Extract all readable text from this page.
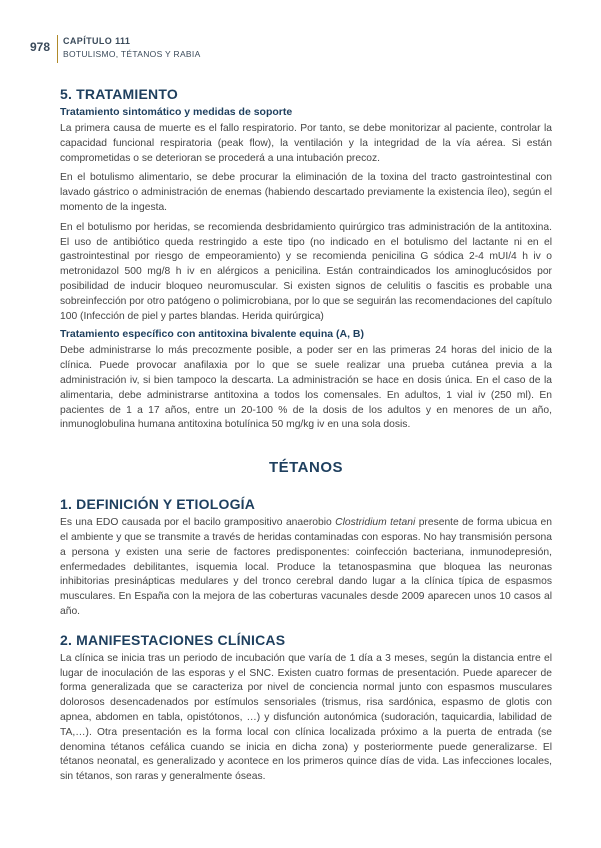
978 CAPÍTULO 111
BOTULISMO, TÉTANOS Y RABIA
5. TRATAMIENTO
Tratamiento sintomático y medidas de soporte

La primera causa de muerte es el fallo respiratorio. Por tanto, se debe monitorizar al paciente, controlar la capacidad funcional respiratoria (peak flow), la ventilación y la integridad de la vía aérea. Si están comprometidas o se deterioran se procederá a una intubación precoz.

En el botulismo alimentario, se debe procurar la eliminación de la toxina del tracto gastrointestinal con lavado gástrico o administración de enemas (habiendo descartado previamente la existencia íleo), según el momento de la ingesta.

En el botulismo por heridas, se recomienda desbridamiento quirúrgico tras administración de la antitoxina. El uso de antibiótico queda restringido a este tipo (no indicado en el botulismo del lactante ni en el gastrointestinal por riesgo de empeoramiento) y se recomienda penicilina G sódica 2-4 mUI/4 h iv o metronidazol 500 mg/8 h iv en alérgicos a penicilina. Están contraindicados los aminoglucósidos por posibilidad de inducir bloqueo neuromuscular. Si existen signos de celulitis o fascitis es probable una sobreinfección por otro patógeno o polimicrobiana, por lo que se seguirán las recomendaciones del capítulo 100 (Infección de piel y partes blandas. Herida quirúrgica)

Tratamiento específico con antitoxina bivalente equina (A, B)

Debe administrarse lo más precozmente posible, a poder ser en las primeras 24 horas del inicio de la clínica. Puede provocar anafilaxia por lo que se suele realizar una prueba cutánea previa a la administración iv, si bien tampoco la descarta. La administración se hace en dosis única. En el caso de la alimentaria, debe administrarse antitoxina a todos los comensales. En adultos, 1 vial iv (250 ml). En pacientes de 1 a 17 años, entre un 20-100 % de la dosis de los adultos y en menores de un año, inmunoglobulina humana antitoxina botulínica 50 mg/kg iv en una sola dosis.

TÉTANOS
1. DEFINICIÓN Y ETIOLOGÍA

Es una EDO causada por el bacilo grampositivo anaerobio Clostridium tetani presente de forma ubicua en el ambiente y que se transmite a través de heridas contaminadas con esporas. No hay transmisión persona a persona y existen una serie de factores predisponentes: coinfección bacteriana, inmunodepresión, enfermedades debilitantes, isquemia local. Produce la tetanospasmina que bloquea las neuronas inhibitorias presinápticas medulares y del tronco cerebral dando lugar a la clínica típica de espasmos musculares. En España con la mejora de las coberturas vacunales desde 2009 aparecen unos 10 casos al año.

2. MANIFESTACIONES CLÍNICAS

La clínica se inicia tras un periodo de incubación que varía de 1 día a 3 meses, según la distancia entre el lugar de inoculación de las esporas y el SNC. Existen cuatro formas de presentación. Puede aparecer de forma generalizada que se caracteriza por nivel de conciencia normal junto con espasmos musculares dolorosos desencadenados por estímulos sensoriales (trismus, risa sardónica, espasmo de glotis con apnea, abdomen en tabla, opistótonos, …) y disfunción autonómica (sudoración, taquicardia, labilidad de TA,…). Otra presentación es la forma local con clínica localizada próximo a la puerta de entrada (se denomina tétanos cefálica cuando se inicia en dicha zona) y posteriormente puede generalizarse. El tétanos neonatal, es generalizado y acontece en los primeros quince días de vida. Las infecciones locales, sin tétanos, son raras y generalmente óseas.
